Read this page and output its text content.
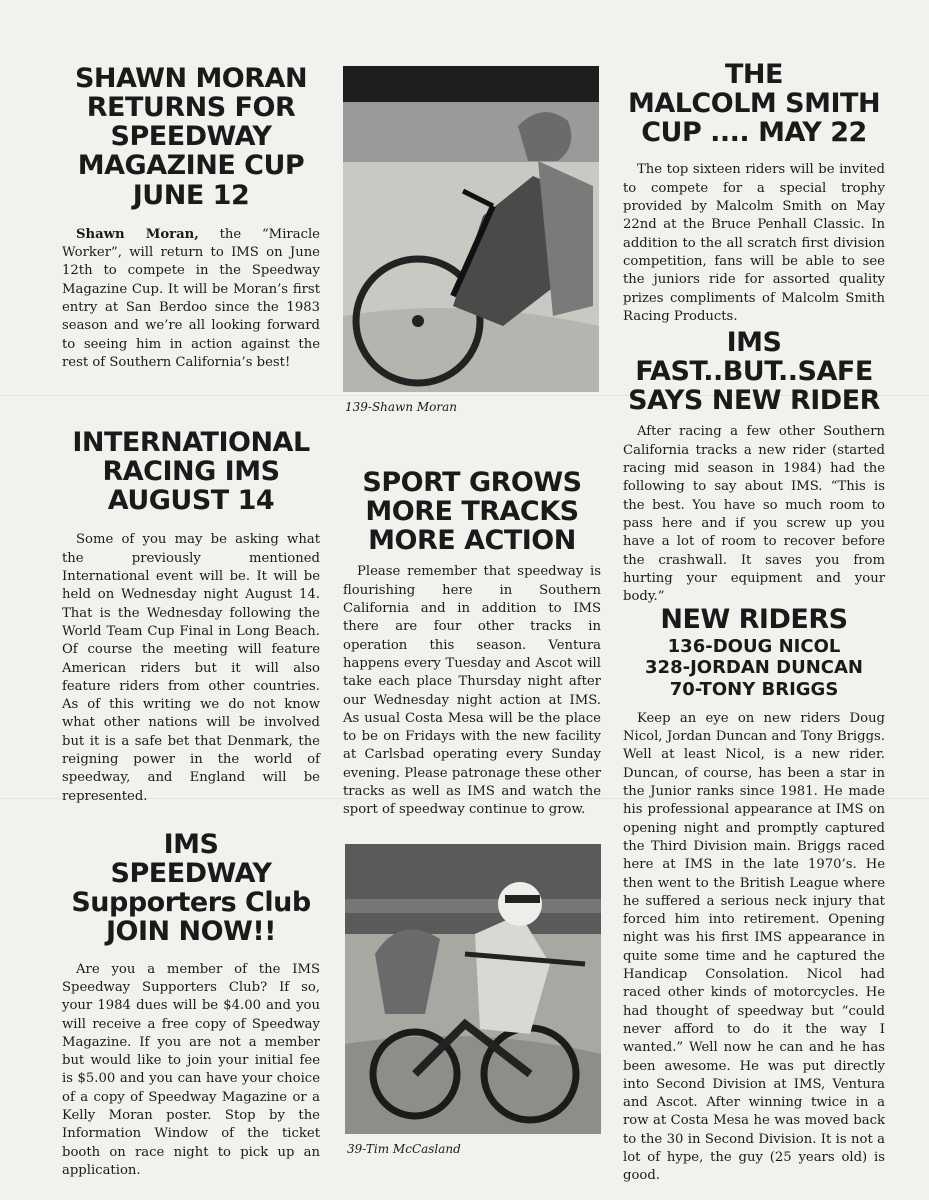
SHAWN MORAN
RETURNS FOR
SPEEDWAY
MAGAZINE CUP
JUNE 12

Shawn Moran, the “Miracle Worker”, will return to IMS on June 12th to compete in the Speedway Magazine Cup. It will be Moran’s first entry at San Berdoo since the 1983 season and we’re all looking forward to seeing him in action against the rest of Southern California’s best!

INTERNATIONAL
RACING IMS
AUGUST 14

Some of you may be asking what the previously mentioned International event will be. It will be held on Wednesday night August 14. That is the Wednesday following the World Team Cup Final in Long Beach. Of course the meeting will feature American riders but it will also feature riders from other countries. As of this writing we do not know what other nations will be involved but it is a safe bet that Denmark, the reigning power in the world of speedway, and England will be represented.

IMS
SPEEDWAY
Supporters Club
JOIN NOW!!

Are you a member of the IMS Speedway Supporters Club? If so, your 1984 dues will be $4.00 and you will receive a free copy of Speedway Magazine. If you are not a member but would like to join your initial fee is $5.00 and you can have your choice of a copy of Speedway Magazine or a Kelly Moran poster. Stop by the Information Window of the ticket booth on race night to pick up an application.

139-Shawn Moran
SPORT GROWS
MORE TRACKS
MORE ACTION

Please remember that speedway is flourishing here in Southern California and in addition to IMS there are four other tracks in operation this season. Ventura happens every Tuesday and Ascot will take each place Thursday night after our Wednesday night action at IMS. As usual Costa Mesa will be the place to be on Fridays with the new facility at Carlsbad operating every Sunday evening. Please patronage these other tracks as well as IMS and watch the sport of speedway continue to grow.

39-Tim McCasland
THE
MALCOLM SMITH
CUP .... MAY 22

The top sixteen riders will be invited to compete for a special trophy provided by Malcolm Smith on May 22nd at the Bruce Penhall Classic. In addition to the all scratch first division competition, fans will be able to see the juniors ride for assorted quality prizes compliments of Malcolm Smith Racing Products.

IMS
FAST..BUT..SAFE
SAYS NEW RIDER

After racing a few other Southern California tracks a new rider (started racing mid season in 1984) had the following to say about IMS. “This is the best. You have so much room to pass here and if you screw up you have a lot of room to recover before the crashwall. It saves you from hurting your equipment and your body.”

NEW RIDERS
136-DOUG NICOL
328-JORDAN DUNCAN
70-TONY BRIGGS

Keep an eye on new riders Doug Nicol, Jordan Duncan and Tony Briggs. Well at least Nicol, is a new rider. Duncan, of course, has been a star in the Junior ranks since 1981. He made his professional appearance at IMS on opening night and promptly captured the Third Division main. Briggs raced here at IMS in the late 1970’s. He then went to the British League where he suffered a serious neck injury that forced him into retirement. Opening night was his first IMS appearance in quite some time and he captured the Handicap Consolation. Nicol had raced other kinds of motorcycles. He had thought of speedway but “could never afford to do it the way I wanted.” Well now he can and he has been awesome. He was put directly into Second Division at IMS, Ventura and Ascot. After winning twice in a row at Costa Mesa he was moved back to the 30 in Second Division. It is not a lot of hype, the guy (25 years old) is good.
